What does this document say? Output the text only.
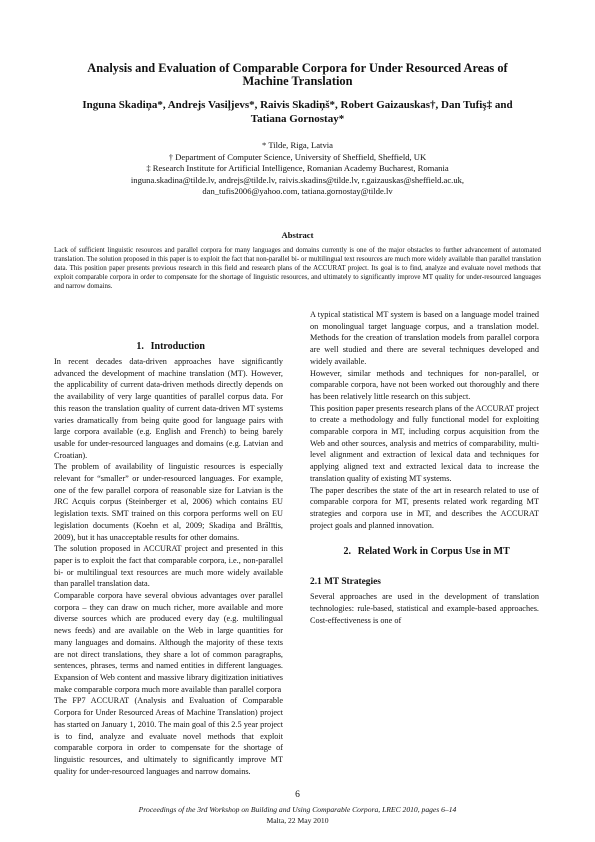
Analysis and Evaluation of Comparable Corpora for Under Resourced Areas of
Machine Translation
Inguna Skadiņa*, Andrejs Vasiļjevs*, Raivis Skadiņš*, Robert Gaizauskas†, Dan Tufiş‡ and
Tatiana Gornostay*
* Tilde, Riga, Latvia
† Department of Computer Science, University of Sheffield, Sheffield, UK
‡ Research Institute for Artificial Intelligence, Romanian Academy Bucharest, Romania
inguna.skadina@tilde.lv, andrejs@tilde.lv, raivis.skadins@tilde.lv, r.gaizauskas@sheffield.ac.uk,
dan_tufis2006@yahoo.com, tatiana.gornostay@tilde.lv
Abstract
Lack of sufficient linguistic resources and parallel corpora for many languages and domains currently is one of the major obstacles to further advancement of automated translation. The solution proposed in this paper is to exploit the fact that non-parallel bi- or multilingual text resources are much more widely available than parallel translation data. This position paper presents previous research in this field and research plans of the ACCURAT project. Its goal is to find, analyze and evaluate novel methods that exploit comparable corpora in order to compensate for the shortage of linguistic resources, and ultimately to significantly improve MT quality for under-resourced languages and narrow domains.
1. Introduction

In recent decades data-driven approaches have significantly advanced the development of machine translation (MT). However, the applicability of current data-driven methods directly depends on the availability of very large quantities of parallel corpus data. For this reason the translation quality of current data-driven MT systems varies dramatically from being quite good for language pairs with large corpora available (e.g. English and French) to being barely usable for under-resourced languages and domains (e.g. Latvian and Croatian).

The problem of availability of linguistic resources is especially relevant for “smaller” or under-resourced languages. For example, one of the few parallel corpora of reasonable size for Latvian is the JRC Acquis corpus (Steinberger et al, 2006) which contains EU legislation texts. SMT trained on this corpora performs well on EU legislation documents (Koehn et al, 2009; Skadiņa and Brālītis, 2009), but it has unacceptable results for other domains.

The solution proposed in ACCURAT project and presented in this paper is to exploit the fact that comparable corpora, i.e., non-parallel bi- or multilingual text resources are much more widely available than parallel translation data.

Comparable corpora have several obvious advantages over parallel corpora – they can draw on much richer, more available and more diverse sources which are produced every day (e.g. multilingual news feeds) and are available on the Web in large quantities for many languages and domains. Although the majority of these texts are not direct translations, they share a lot of common paragraphs, sentences, phrases, terms and named entities in different languages. Expansion of Web content and massive library digitization initiatives make comparable corpora much more available than parallel corpora

The FP7 ACCURAT (Analysis and Evaluation of Comparable Corpora for Under Resourced Areas of Machine Translation) project has started on January 1, 2010. The main goal of this 2.5 year project is to find, analyze and evaluate novel methods that exploit comparable corpora in order to compensate for the shortage of linguistic resources, and ultimately to significantly improve MT quality for under-resourced languages and narrow domains.

A typical statistical MT system is based on a language model trained on monolingual target language corpus, and a translation model. Methods for the creation of translation models from parallel corpora are well studied and there are several techniques developed and widely available.

However, similar methods and techniques for non-parallel, or comparable corpora, have not been worked out thoroughly and there has been relatively little research on this subject.

This position paper presents research plans of the ACCURAT project to create a methodology and fully functional model for exploiting comparable corpora in MT, including corpus acquisition from the Web and other sources, analysis and metrics of comparability, multi-level alignment and extraction of lexical data and techniques for applying aligned text and extracted lexical data to increase the translation quality of existing MT systems.

The paper describes the state of the art in research related to use of comparable corpora for MT, presents related work regarding MT strategies and corpora use in MT, and describes the ACCURAT project goals and planned innovation.

2. Related Work in Corpus Use in MT
2.1 MT Strategies

Several approaches are used in the development of translation technologies: rule-based, statistical and example-based approaches. Cost-effectiveness is one of

6
Proceedings of the 3rd Workshop on Building and Using Comparable Corpora, LREC 2010, pages 6–14
Malta, 22 May 2010
